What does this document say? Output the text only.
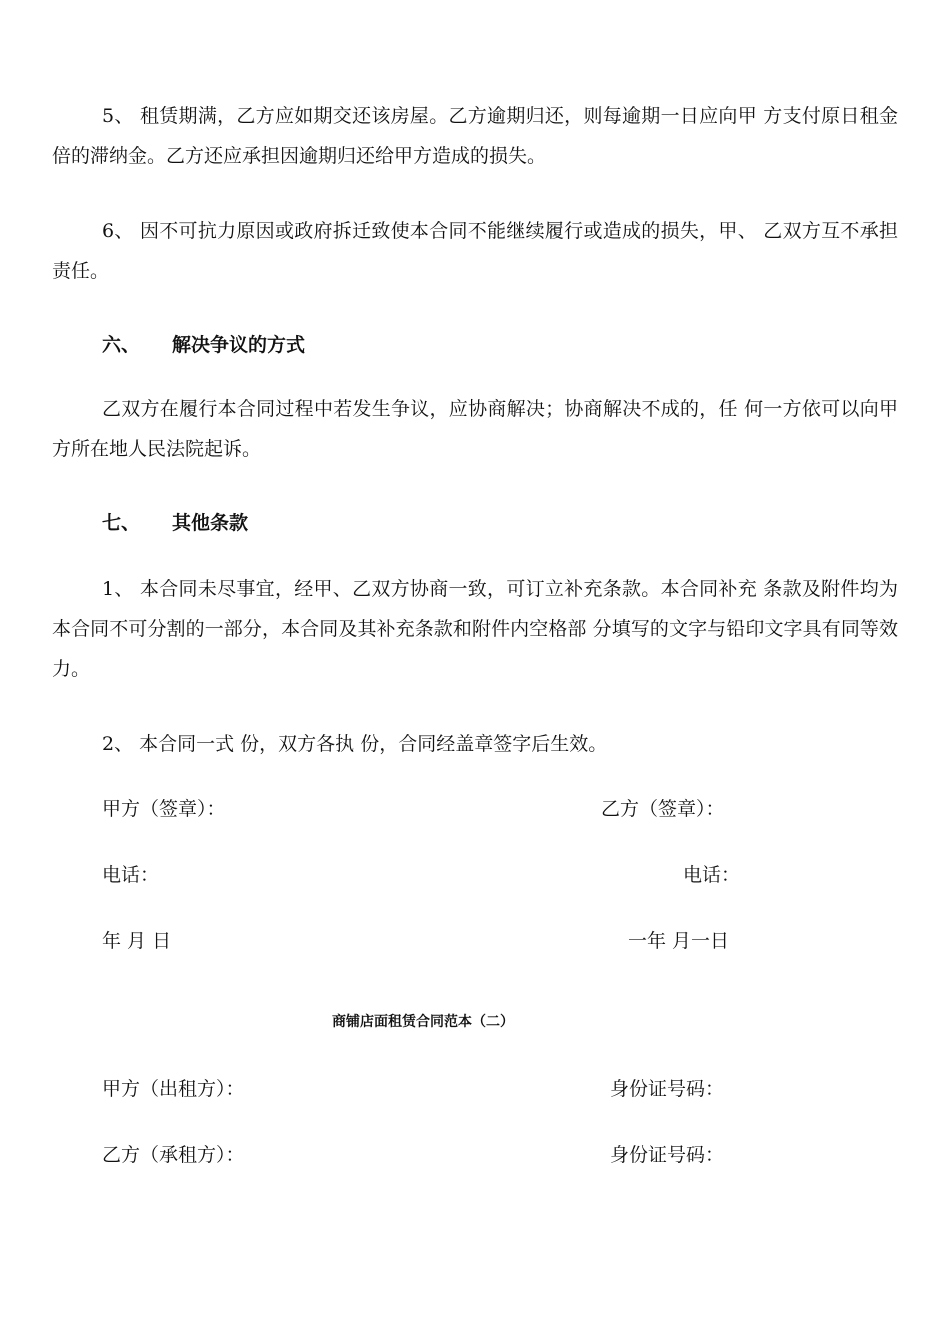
5、 租赁期满，乙方应如期交还该房屋。乙方逾期归还，则每逾期一日应向甲 方支付原日租金倍的滞纳金。乙方还应承担因逾期归还给甲方造成的损失。

6、 因不可抗力原因或政府拆迁致使本合同不能继续履行或造成的损失，甲、 乙双方互不承担责任。

六、 解决争议的方式

乙双方在履行本合同过程中若发生争议，应协商解决；协商解决不成的，任 何一方依可以向甲方所在地人民法院起诉。

七、 其他条款

1、 本合同未尽事宜，经甲、乙双方协商一致，可订立补充条款。本合同补充 条款及附件均为本合同不可分割的一部分，本合同及其补充条款和附件内空格部 分填写的文字与铅印文字具有同等效力。

2、 本合同一式 份，双方各执 份，合同经盖章签字后生效。

甲方（签章）：	乙方（签章）：
电话：	电话：
年 月 日	一年 月一日
商铺店面租赁合同范本（二）
甲方（出租方）：	身份证号码：
乙方（承租方）：	身份证号码：
